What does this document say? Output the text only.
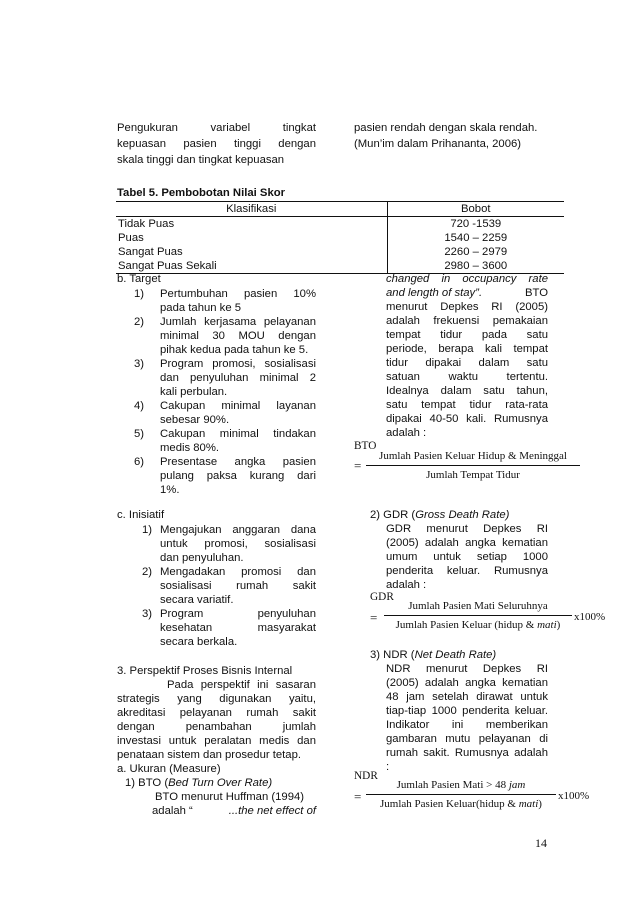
Pengukuran variabel tingkat
kepuasan pasien tinggi dengan
skala tinggi dan tingkat kepuasan
pasien rendah dengan skala rendah.
(Mun’im dalam Prihananta, 2006)
Tabel 5. Pembobotan Nilai Skor
Klasifikasi	Bobot
Tidak Puas	720 -1539
Puas	1540 – 2259
Sangat Puas	2260 – 2979
Sangat Puas Sekali	2980 – 3600
b. Target
1) Pertumbuhan pasien 10%
pada tahun ke 5
2) Jumlah kerjasama pelayanan
minimal 30 MOU dengan
pihak kedua pada tahun ke 5.
3) Program promosi, sosialisasi
dan penyuluhan minimal 2
kali perbulan.
4) Cakupan minimal layanan
sebesar 90%.
5) Cakupan minimal tindakan
medis 80%.
6) Presentase angka pasien
pulang paksa kurang dari
1%.
c. Inisiatif
1) Mengajukan anggaran dana
untuk promosi, sosialisasi
dan penyuluhan.
2) Mengadakan promosi dan
sosialisasi rumah sakit
secara variatif.
3) Program penyuluhan
kesehatan masyarakat
secara berkala.
3. Perspektif Proses Bisnis Internal
Pada perspektif ini sasaran
strategis yang digunakan yaitu,
akreditasi pelayanan rumah sakit
dengan penambahan jumlah
investasi untuk peralatan medis dan
penataan sistem dan prosedur tetap.
a. Ukuran (Measure)
1) BTO (Bed Turn Over Rate)
BTO menurut Huffman (1994)
adalah “	...the net effect of
changed in occupancy rate
and length of stay”.	BTO
menurut Depkes RI (2005)
adalah frekuensi pemakaian
tempat tidur pada satu
periode, berapa kali tempat
tidur dipakai dalam satu
satuan waktu tertentu.
Idealnya dalam satu tahun,
satu tempat tidur rata-rata
dipakai 40-50 kali. Rumusnya
adalah :
BTO
=
Jumlah Pasien Keluar Hidup & Meninggal
Jumlah Tempat Tidur
2) GDR (Gross Death Rate)
GDR menurut Depkes RI
(2005) adalah angka kematian
umum untuk setiap 1000
penderita keluar. Rumusnya
adalah :
GDR
=
Jumlah Pasien Mati Seluruhnya
Jumlah Pasien Keluar (hidup & mati)
x100%
3) NDR (Net Death Rate)
NDR menurut Depkes RI
(2005) adalah angka kematian
48 jam setelah dirawat untuk
tiap-tiap 1000 penderita keluar.
Indikator ini memberikan
gambaran mutu pelayanan di
rumah sakit. Rumusnya adalah
:
NDR
=
Jumlah Pasien Mati > 48 jam
Jumlah Pasien Keluar(hidup & mati)
x100%
14
